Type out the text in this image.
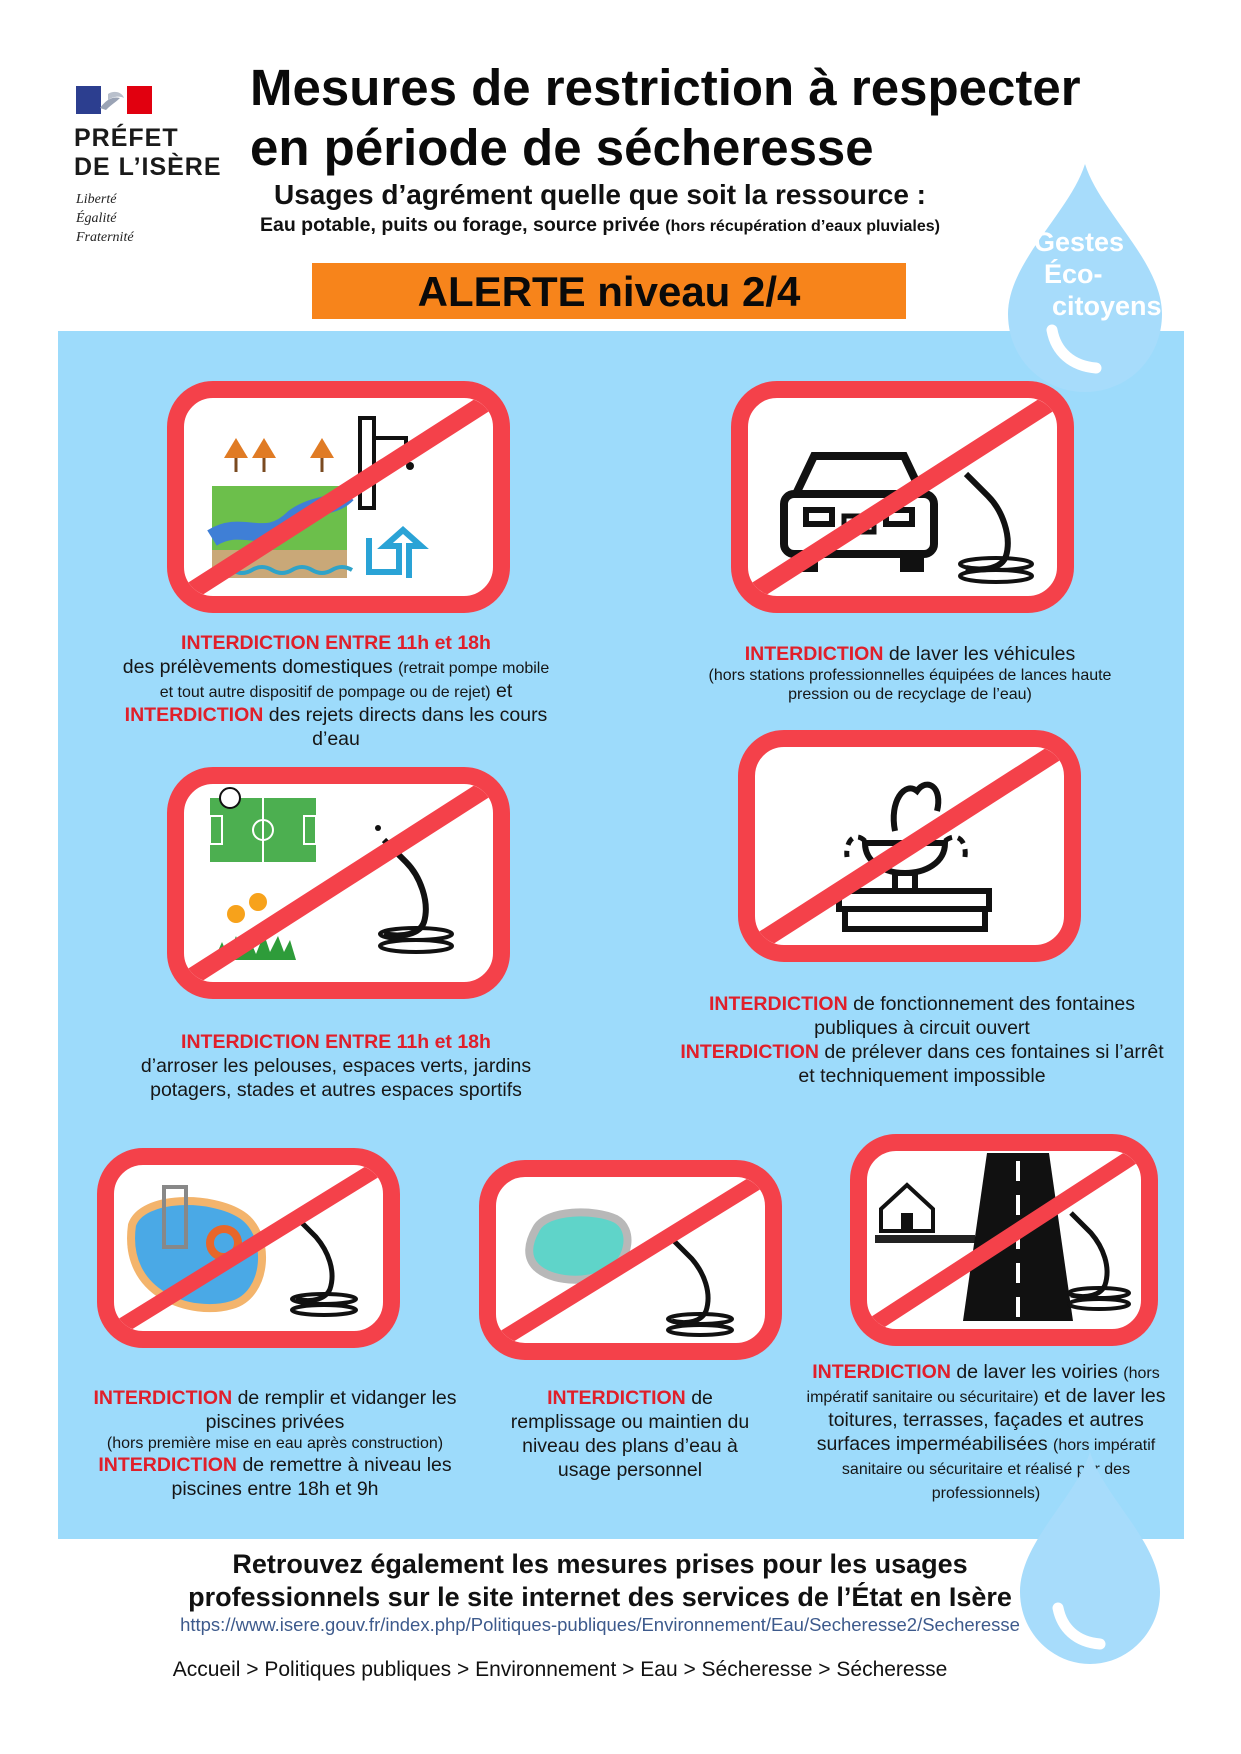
PRÉFET
DE L’ISÈRE
Liberté
Égalité
Fraternité
Mesures de restriction à respecter
en période de sécheresse
Usages d’agrément quelle que soit la ressource :
Eau potable, puits ou forage, source privée (hors récupération d’eaux pluviales)
ALERTE niveau 2/4
Gestes
Éco-
citoyens
INTERDICTION ENTRE 11h et 18h
des prélèvements domestiques (retrait pompe mobile et tout autre dispositif de pompage ou de rejet) et INTERDICTION des rejets directs dans les cours d’eau
INTERDICTION de laver les véhicules
(hors stations professionnelles équipées de lances haute pression ou de recyclage de l’eau)
INTERDICTION ENTRE 11h et 18h
d’arroser les pelouses, espaces verts, jardins potagers, stades et autres espaces sportifs
INTERDICTION de fonctionnement des fontaines publiques à circuit ouvert
INTERDICTION de prélever dans ces fontaines si l’arrêt et techniquement impossible
INTERDICTION de remplir et vidanger les piscines privées
(hors première mise en eau après construction)
INTERDICTION de remettre à niveau les piscines entre 18h et 9h
INTERDICTION de remplissage ou maintien du niveau des plans d’eau à usage personnel
INTERDICTION de laver les voiries (hors impératif sanitaire ou sécuritaire) et de laver les toitures, terrasses, façades et autres surfaces imperméabilisées (hors impératif sanitaire ou sécuritaire et réalisé par des professionnels)
Retrouvez également les mesures prises pour les usages
professionnels sur le site internet des services de l’État en Isère
https://www.isere.gouv.fr/index.php/Politiques-publiques/Environnement/Eau/Secheresse2/Secheresse
Accueil > Politiques publiques > Environnement > Eau > Sécheresse > Sécheresse
